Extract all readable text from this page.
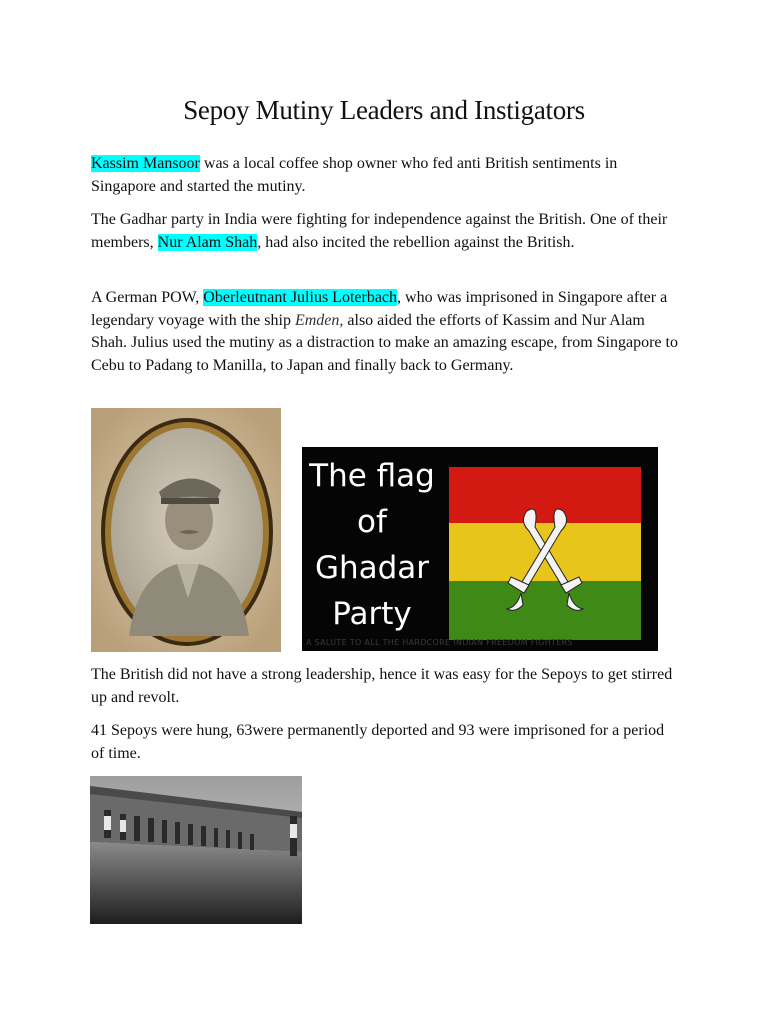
Sepoy Mutiny Leaders and Instigators
Kassim Mansoor was a local coffee shop owner who fed anti British sentiments in Singapore and started the mutiny.
The Gadhar party in India were fighting for independence against the British. One of their members, Nur Alam Shah, had also incited the rebellion against the British.
A German POW, Oberleutnant Julius Loterbach, who was imprisoned in Singapore after a legendary voyage with the ship Emden, also aided the efforts of Kassim and Nur Alam Shah. Julius used the mutiny as a distraction to make an amazing escape, from Singapore to Cebu to Padang to Manilla, to Japan and finally back to Germany.
The flag
of
Ghadar
Party
A SALUTE TO ALL THE HARDCORE INDIAN FREEDOM FIGHTERS
The British did not have a strong leadership, hence it was easy for the Sepoys to get stirred up and revolt.
41 Sepoys were hung, 63were permanently deported and 93 were imprisoned for a period of time.
